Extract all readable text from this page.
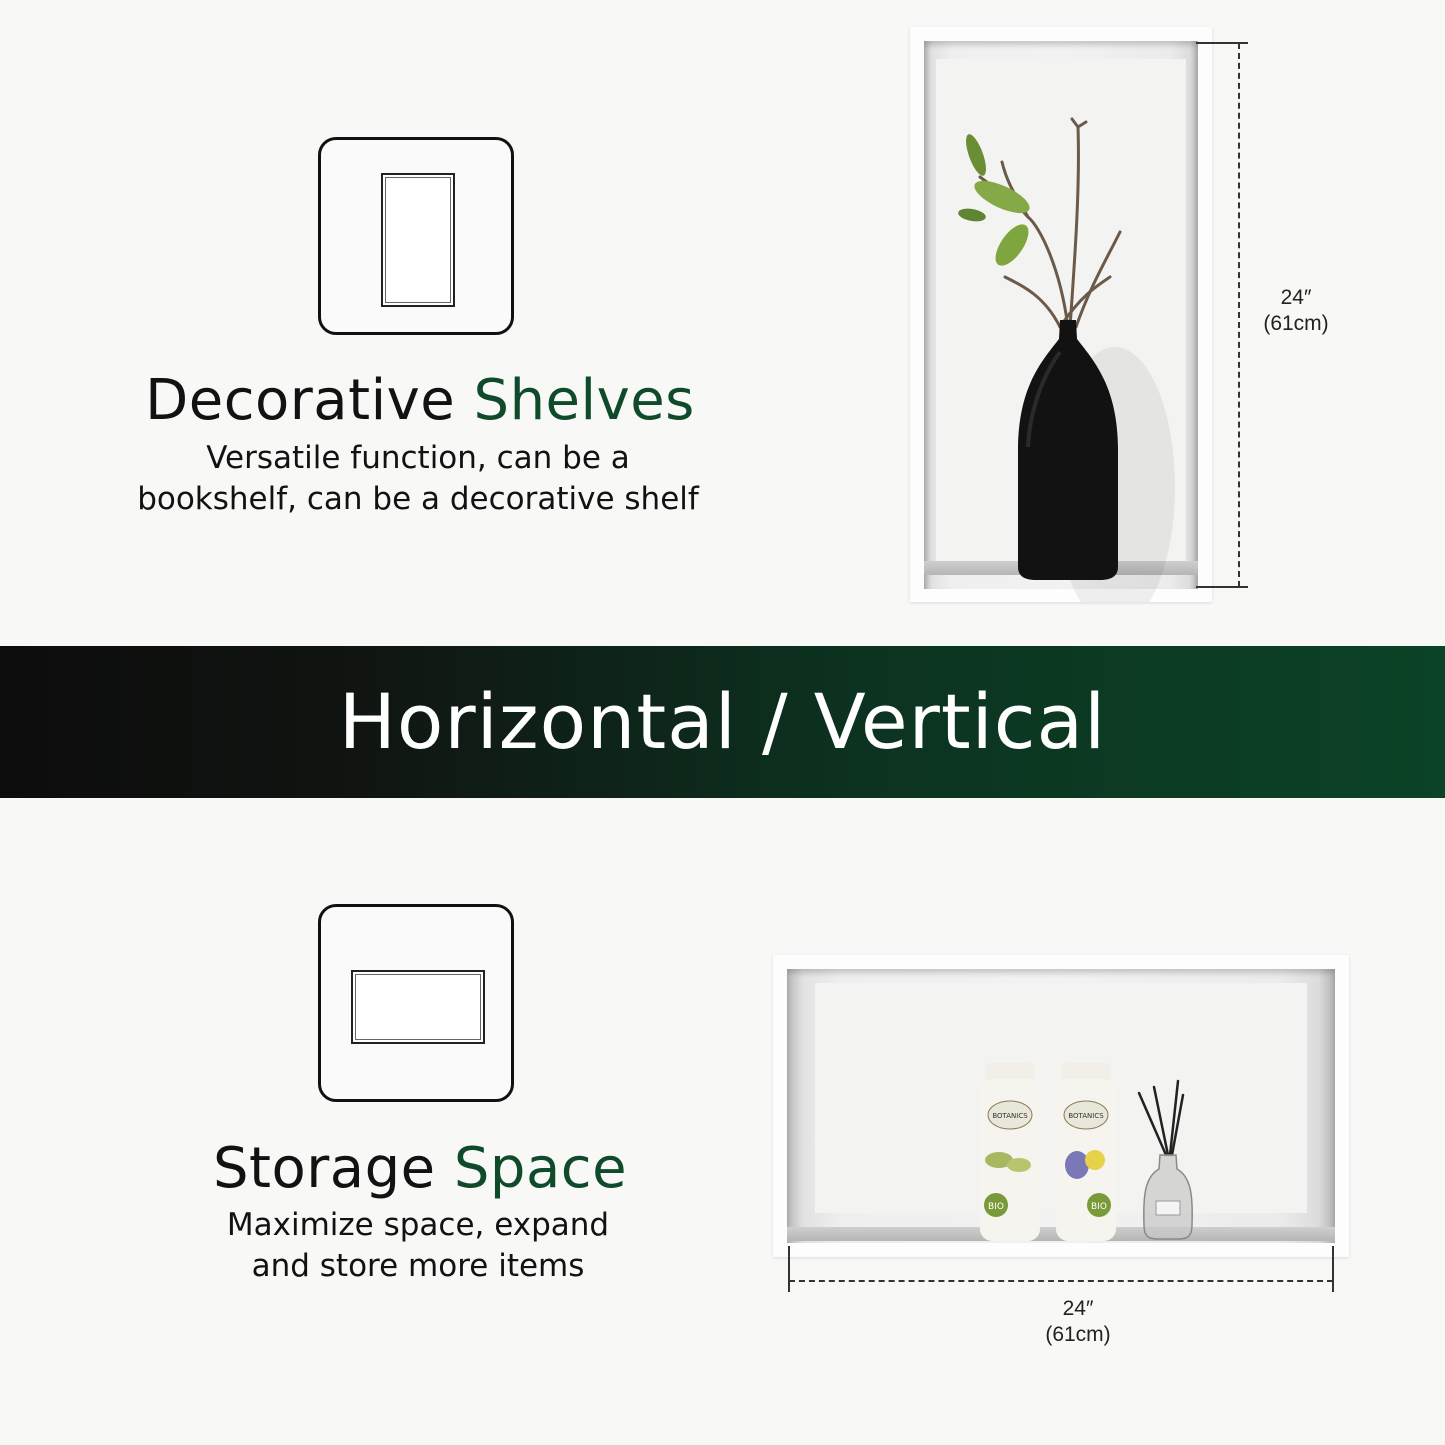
Decorative Shelves
Versatile function, can be a
bookshelf, can be a decorative shelf
24″
(61cm)
Horizontal / Vertical
Storage Space
Maximize space, expand
and store more items
BOTANICS
BIO
BOTANICS
BIO
24″
(61cm)
